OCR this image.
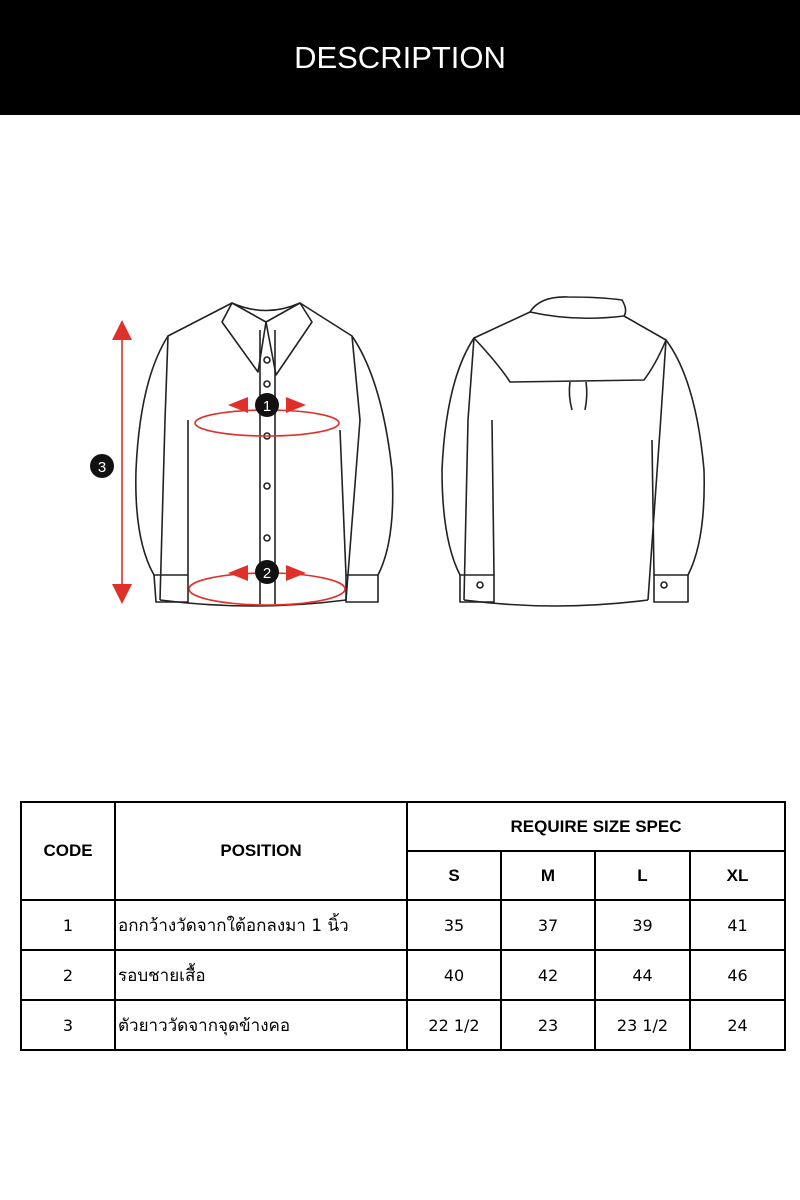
DESCRIPTION
1
2
3
CODE	POSITION	REQUIRE SIZE SPEC			
		S	M	L	XL
1	อกกว้างวัดจากใต้อกลงมา 1 นิ้ว	35	37	39	41
2	รอบชายเสื้อ	40	42	44	46
3	ตัวยาววัดจากจุดข้างคอ	22 1/2	23	23 1/2	24
